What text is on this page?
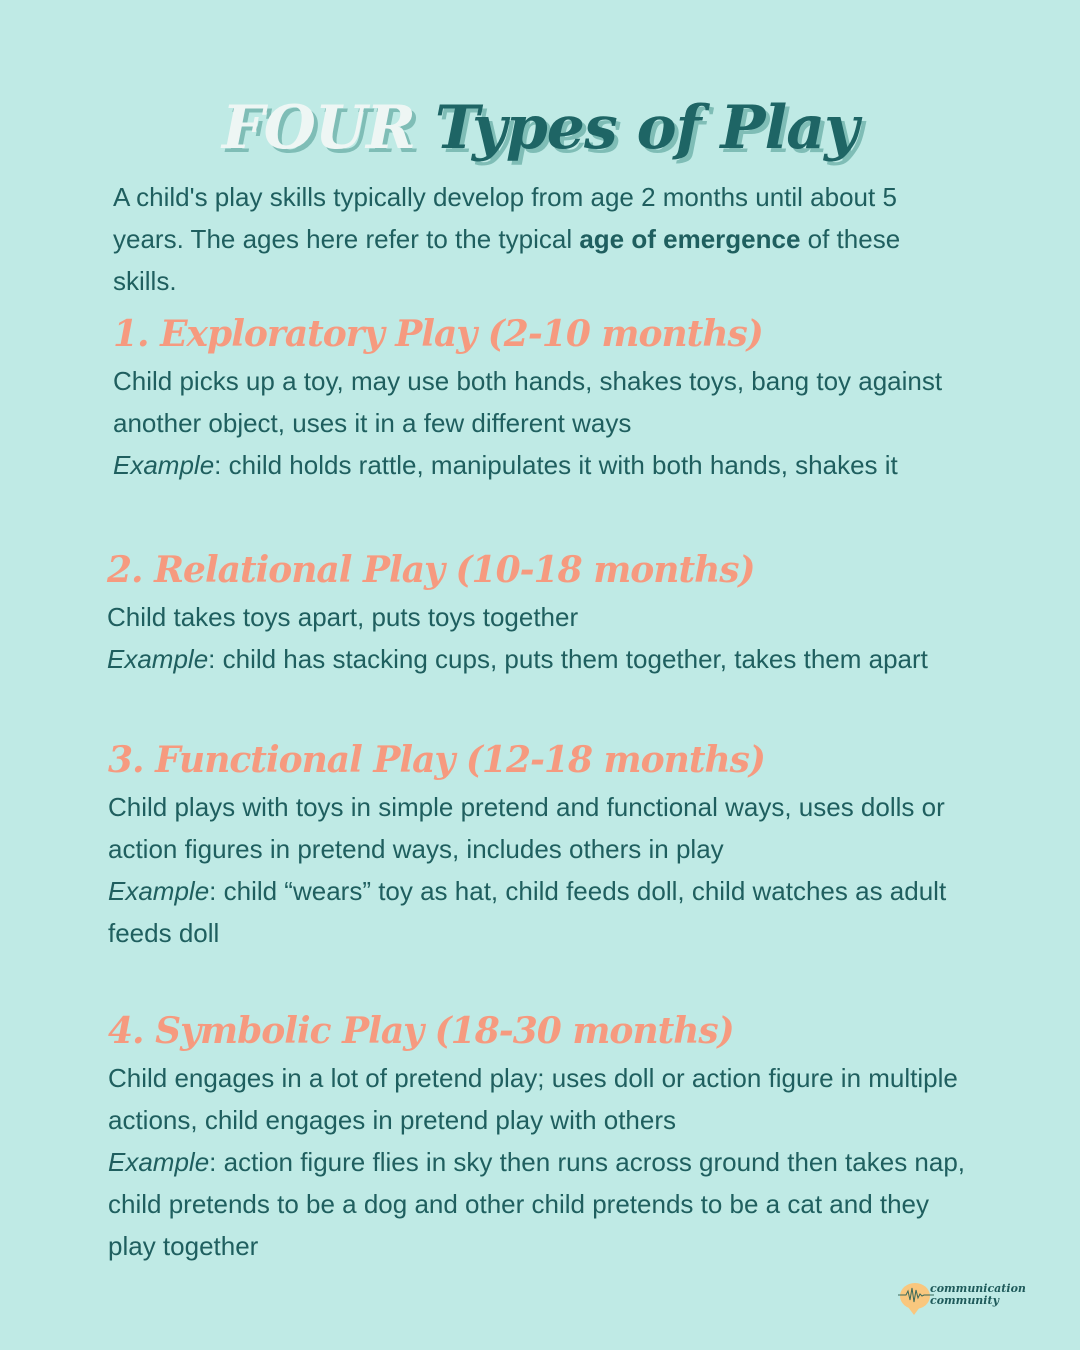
FOUR Types of Play
A child's play skills typically develop from age 2 months until about 5 years. The ages here refer to the typical age of emergence of these skills.
1. Exploratory Play (2-10 months)
Child picks up a toy, may use both hands, shakes toys, bang toy against another object, uses it in a few different ways
Example: child holds rattle, manipulates it with both hands, shakes it
2. Relational Play (10-18 months)
Child takes toys apart, puts toys together
Example: child has stacking cups, puts them together, takes them apart
3. Functional Play (12-18 months)
Child plays with toys in simple pretend and functional ways, uses dolls or action figures in pretend ways, includes others in play
Example: child “wears” toy as hat, child feeds doll, child watches as adult feeds doll
4. Symbolic Play (18-30 months)
Child engages in a lot of pretend play; uses doll or action figure in multiple actions, child engages in pretend play with others
Example: action figure flies in sky then runs across ground then takes nap, child pretends to be a dog and other child pretends to be a cat and they play together
communication
community
